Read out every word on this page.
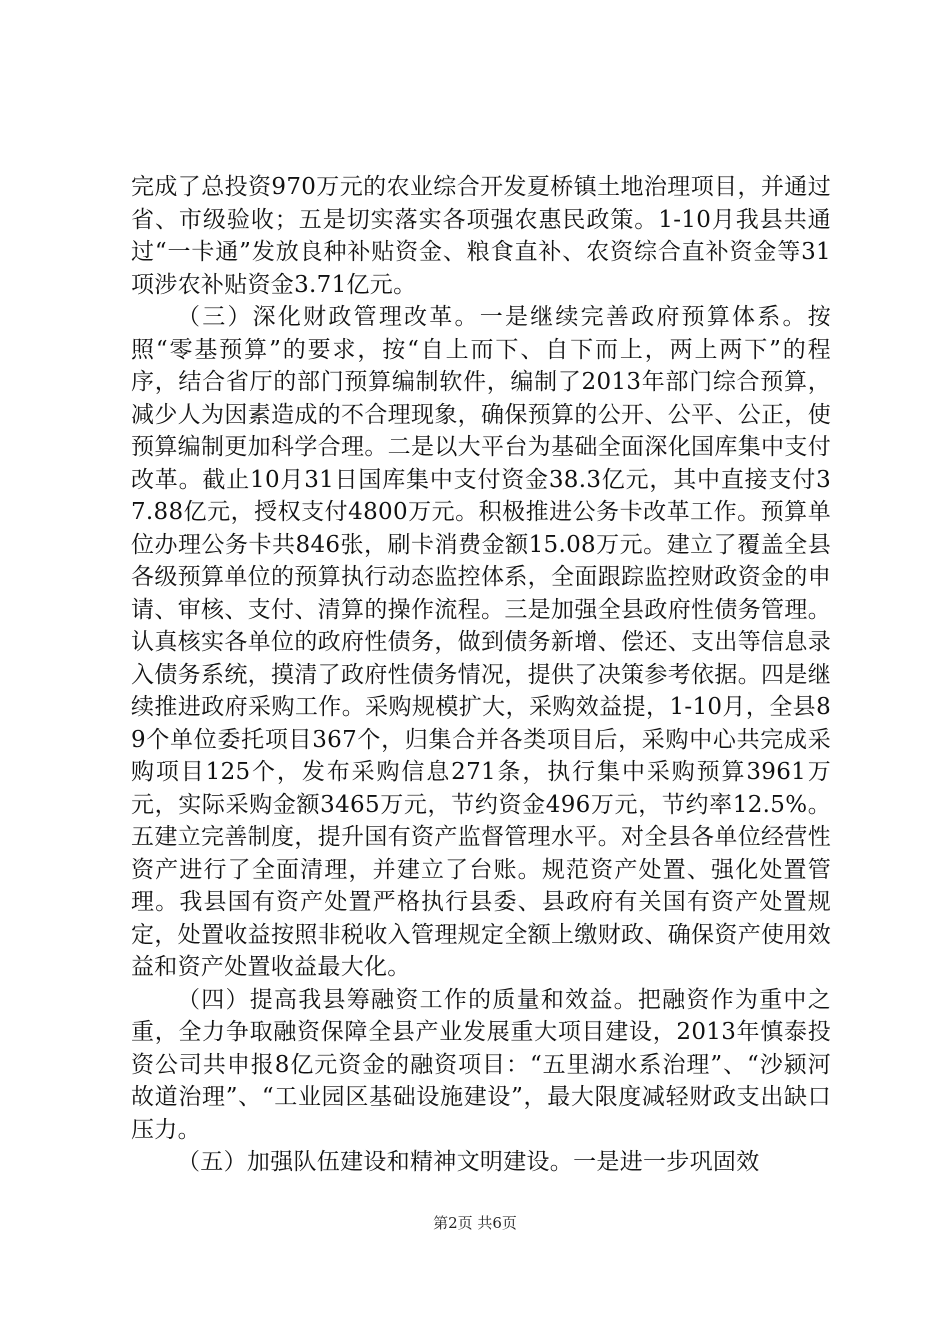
完成了总投资970万元的农业综合开发夏桥镇土地治理项目，并通过省、市级验收；五是切实落实各项强农惠民政策。1-10月我县共通过“一卡通”发放良种补贴资金、粮食直补、农资综合直补资金等31项涉农补贴资金3.71亿元。

（三）深化财政管理改革。一是继续完善政府预算体系。按照“零基预算”的要求，按“自上而下、自下而上，两上两下”的程序，结合省厅的部门预算编制软件，编制了2013年部门综合预算，减少人为因素造成的不合理现象，确保预算的公开、公平、公正，使预算编制更加科学合理。二是以大平台为基础全面深化国库集中支付改革。截止10月31日国库集中支付资金38.3亿元，其中直接支付37.88亿元，授权支付4800万元。积极推进公务卡改革工作。预算单位办理公务卡共846张，刷卡消费金额15.08万元。建立了覆盖全县各级预算单位的预算执行动态监控体系，全面跟踪监控财政资金的申请、审核、支付、清算的操作流程。三是加强全县政府性债务管理。认真核实各单位的政府性债务，做到债务新增、偿还、支出等信息录入债务系统，摸清了政府性债务情况，提供了决策参考依据。四是继续推进政府采购工作。采购规模扩大，采购效益提，1-10月，全县89个单位委托项目367个，归集合并各类项目后，采购中心共完成采购项目125个，发布采购信息271条，执行集中采购预算3961万元，实际采购金额3465万元，节约资金496万元，节约率12.5%。五建立完善制度，提升国有资产监督管理水平。对全县各单位经营性资产进行了全面清理，并建立了台账。规范资产处置、强化处置管理。我县国有资产处置严格执行县委、县政府有关国有资产处置规定，处置收益按照非税收入管理规定全额上缴财政、确保资产使用效益和资产处置收益最大化。

（四）提高我县筹融资工作的质量和效益。把融资作为重中之重，全力争取融资保障全县产业发展重大项目建设，2013年慎泰投资公司共申报8亿元资金的融资项目：“五里湖水系治理”、“沙颍河故道治理”、“工业园区基础设施建设”，最大限度减轻财政支出缺口压力。

（五）加强队伍建设和精神文明建设。一是进一步巩固效

第2页 共6页
